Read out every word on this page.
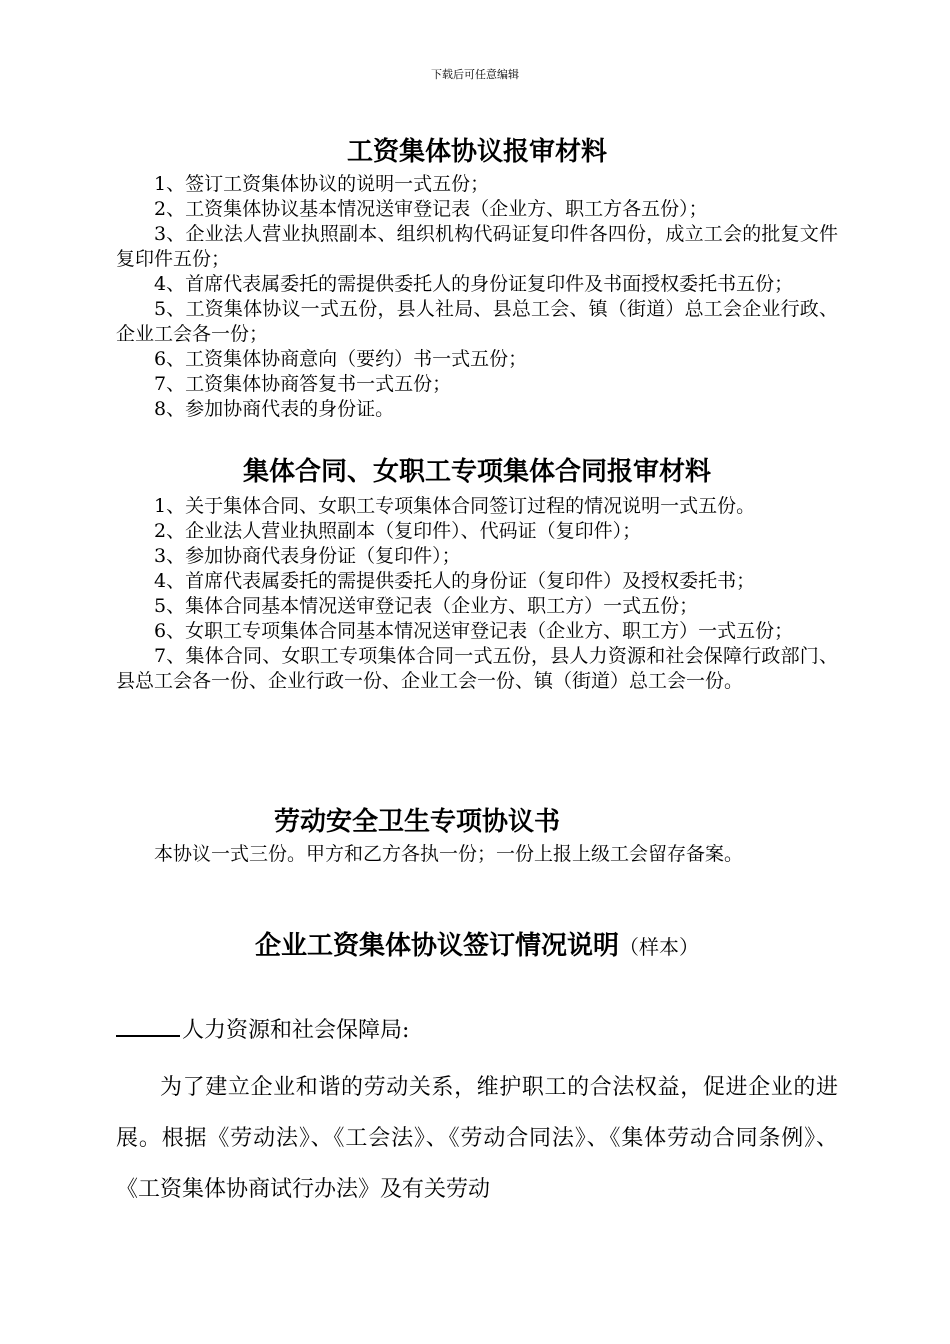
下载后可任意编辑
工资集体协议报审材料

1、签订工资集体协议的说明一式五份；

2、工资集体协议基本情况送审登记表（企业方、职工方各五份）；

3、企业法人营业执照副本、组织机构代码证复印件各四份，成立工会的批复文件复印件五份；

4、首席代表属委托的需提供委托人的身份证复印件及书面授权委托书五份；

5、工资集体协议一式五份，县人社局、县总工会、镇（街道）总工会企业行政、企业工会各一份；

6、工资集体协商意向（要约）书一式五份；

7、工资集体协商答复书一式五份；

8、参加协商代表的身份证。

集体合同、女职工专项集体合同报审材料

1、关于集体合同、女职工专项集体合同签订过程的情况说明一式五份。

2、企业法人营业执照副本（复印件）、代码证（复印件）；

3、参加协商代表身份证（复印件）；

4、首席代表属委托的需提供委托人的身份证（复印件）及授权委托书；

5、集体合同基本情况送审登记表（企业方、职工方）一式五份；

6、女职工专项集体合同基本情况送审登记表（企业方、职工方）一式五份；

7、集体合同、女职工专项集体合同一式五份，县人力资源和社会保障行政部门、县总工会各一份、企业行政一份、企业工会一份、镇（街道）总工会一份。

劳动安全卫生专项协议书

本协议一式三份。甲方和乙方各执一份；一份上报上级工会留存备案。

企业工资集体协议签订情况说明（样本）
人力资源和社会保障局:

为了建立企业和谐的劳动关系，维护职工的合法权益，促进企业的进展。根据《劳动法》、《工会法》、《劳动合同法》、《集体劳动合同条例》、《工资集体协商试行办法》及有关劳动
